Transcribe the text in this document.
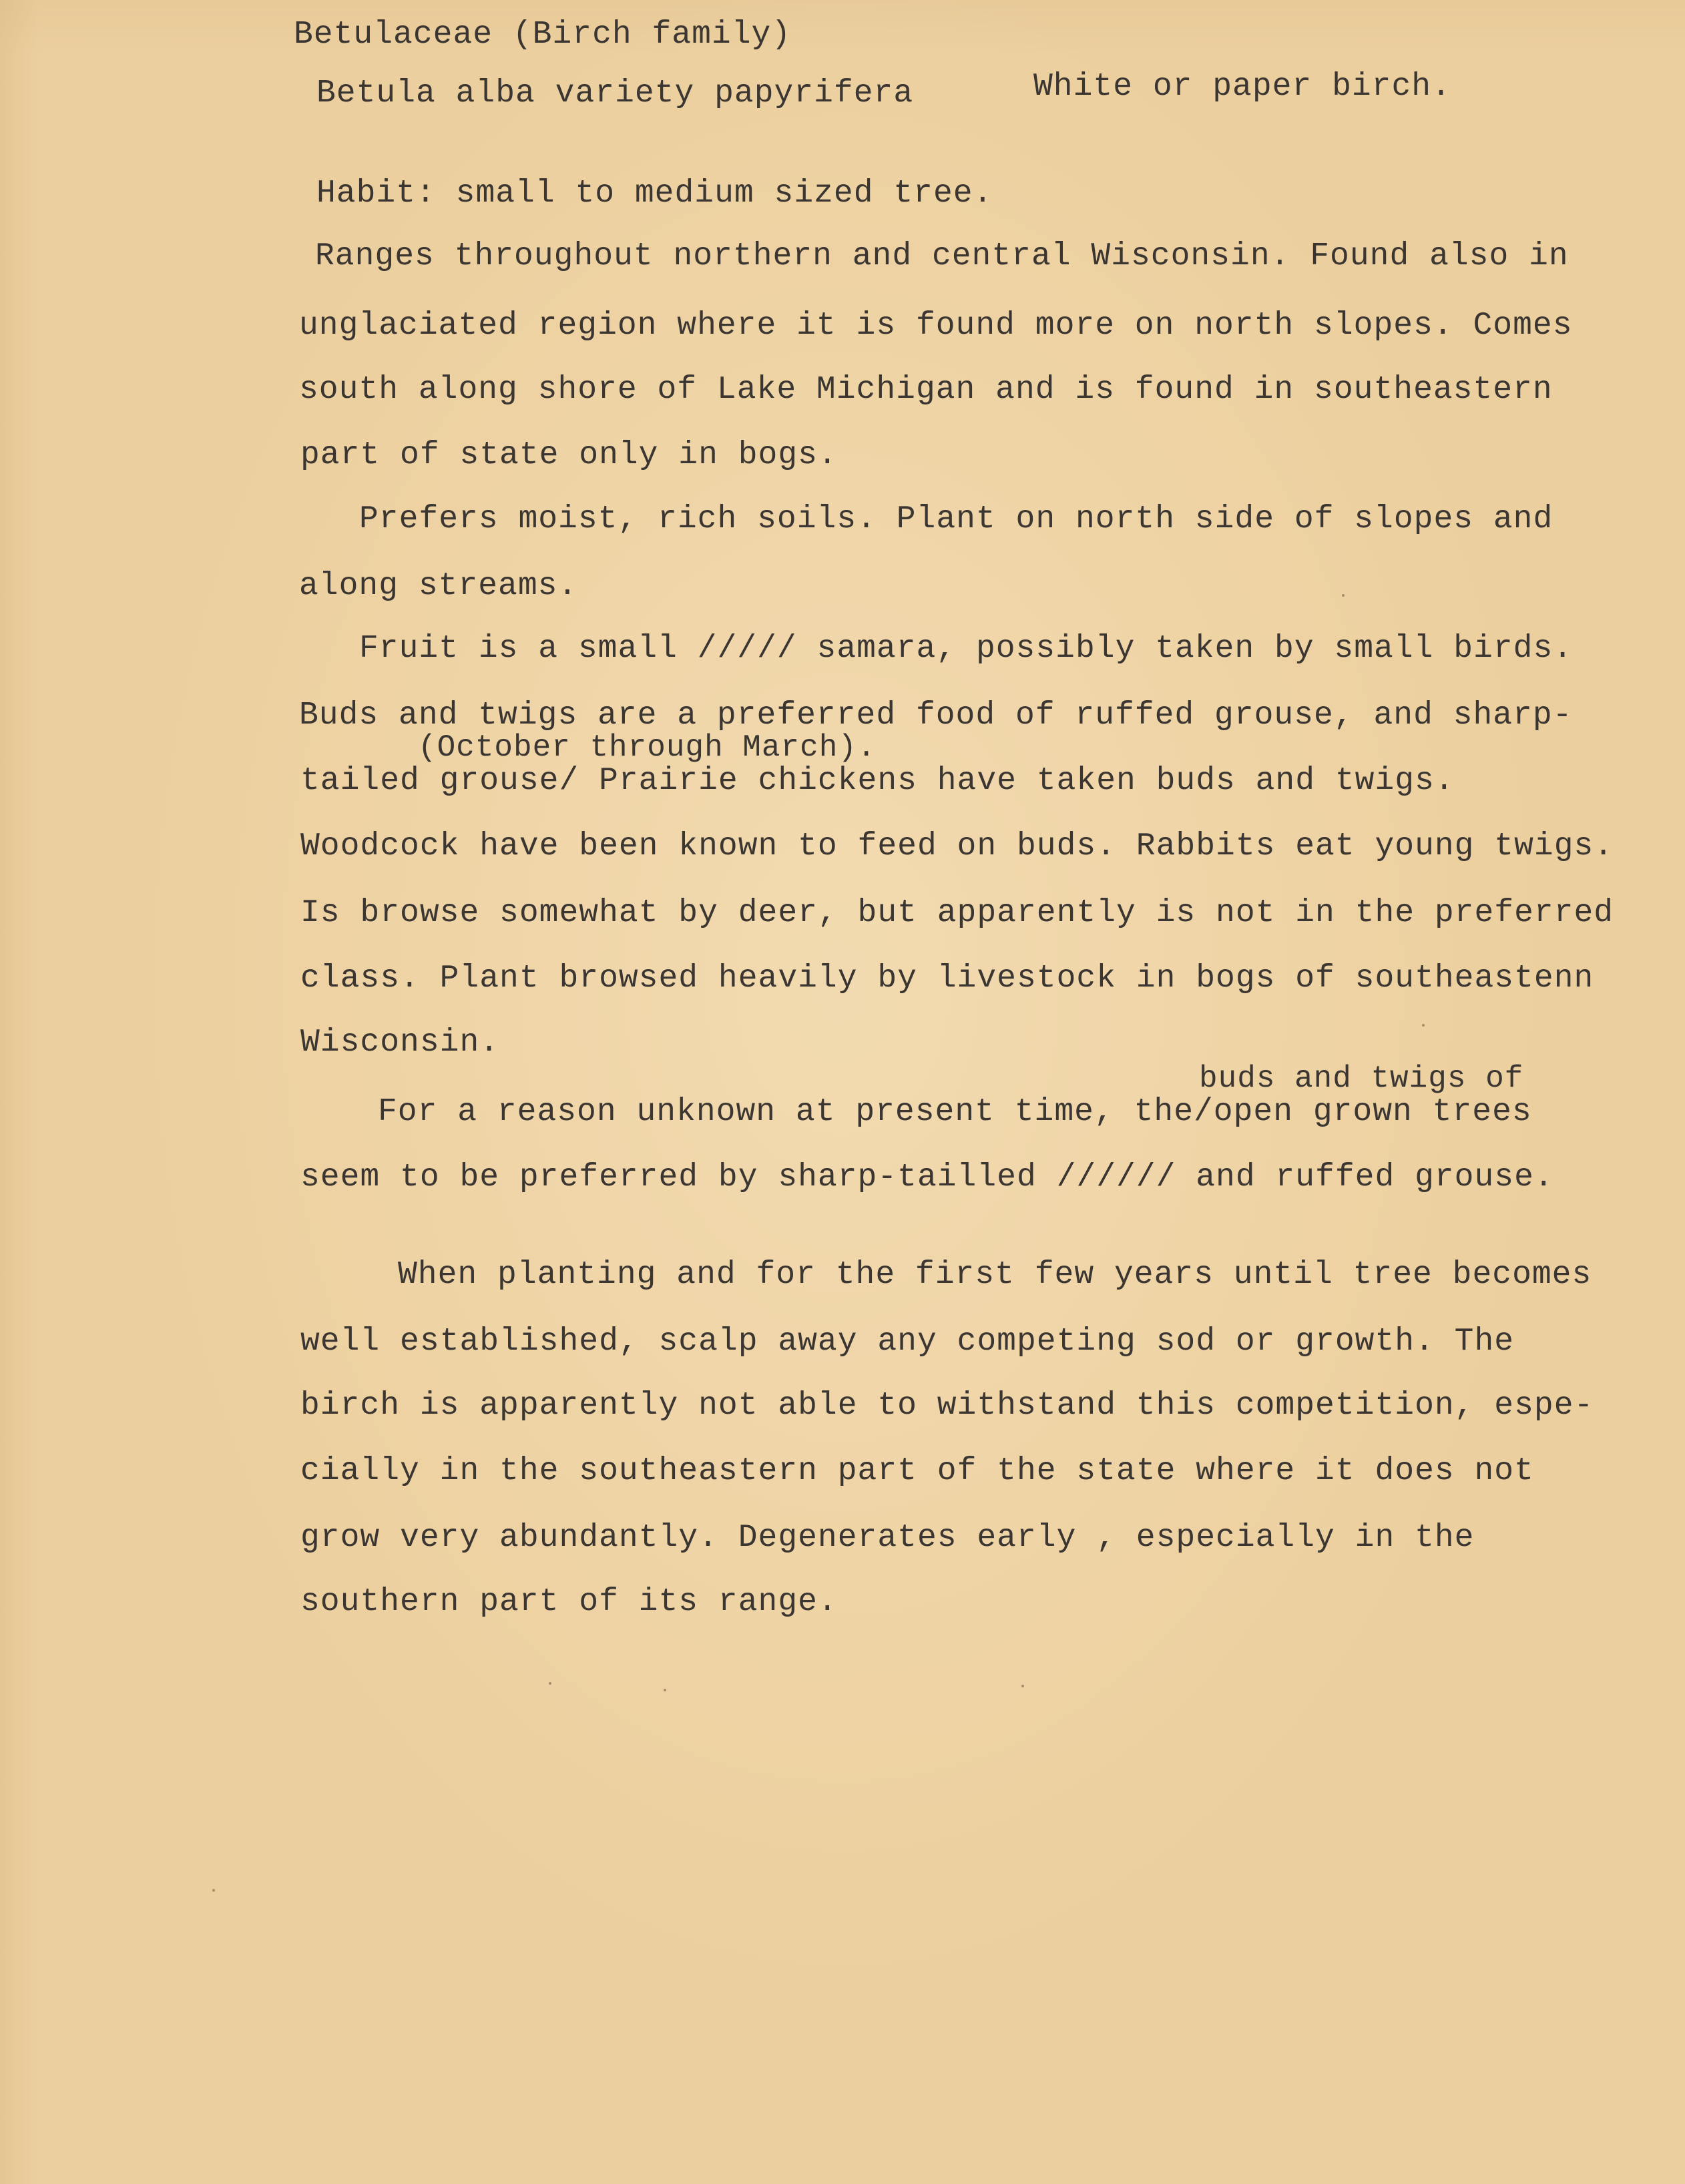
Betulaceae (Birch family)
Betula alba variety papyrifera	White or paper birch.
Habit: small to medium sized tree.
Ranges throughout northern and central Wisconsin. Found also in
unglaciated region where it is found more on north slopes. Comes
south along shore of Lake Michigan and is found in southeastern
part of state only in bogs.
Prefers moist, rich soils. Plant on north side of slopes and
along streams.
Fruit is a small ///// samara, possibly taken by small birds.
Buds and twigs are a preferred food of ruffed grouse, and sharp-
(October through March).
tailed grouse/ Prairie chickens have taken buds and twigs.
Woodcock have been known to feed on buds. Rabbits eat young twigs.
Is browse somewhat by deer, but apparently is not in the preferred
class. Plant browsed heavily by livestock in bogs of southeastenn
Wisconsin.
buds and twigs of
For a reason unknown at present time, the/open grown trees
seem to be preferred by sharp-tailled ////// and ruffed grouse.
When planting and for the first few years until tree becomes
well established, scalp away any competing sod or growth. The
birch is apparently not able to withstand this competition, espe-
cially in the southeastern part of the state where it does not
grow very abundantly. Degenerates early , especially in the
southern part of its range.
